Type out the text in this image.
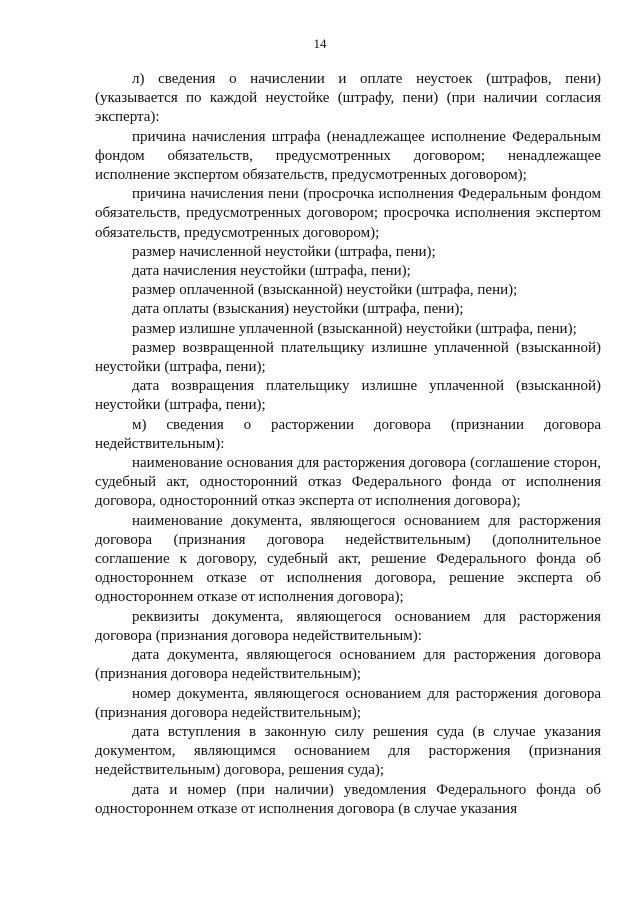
14

л) сведения о начислении и оплате неустоек (штрафов, пени) (указывается по каждой неустойке (штрафу, пени) (при наличии согласия эксперта):

причина начисления штрафа (ненадлежащее исполнение Федеральным фондом обязательств, предусмотренных договором; ненадлежащее исполнение экспертом обязательств, предусмотренных договором);

причина начисления пени (просрочка исполнения Федеральным фондом обязательств, предусмотренных договором; просрочка исполнения экспертом обязательств, предусмотренных договором);

размер начисленной неустойки (штрафа, пени);

дата начисления неустойки (штрафа, пени);

размер оплаченной (взысканной) неустойки (штрафа, пени);

дата оплаты (взыскания) неустойки (штрафа, пени);

размер излишне уплаченной (взысканной) неустойки (штрафа, пени);

размер возвращенной плательщику излишне уплаченной (взысканной) неустойки (штрафа, пени);

дата возвращения плательщику излишне уплаченной (взысканной) неустойки (штрафа, пени);

м) сведения о расторжении договора (признании договора недействительным):

наименование основания для расторжения договора (соглашение сторон, судебный акт, односторонний отказ Федерального фонда от исполнения договора, односторонний отказ эксперта от исполнения договора);

наименование документа, являющегося основанием для расторжения договора (признания договора недействительным) (дополнительное соглашение к договору, судебный акт, решение Федерального фонда об одностороннем отказе от исполнения договора, решение эксперта об одностороннем отказе от исполнения договора);

реквизиты документа, являющегося основанием для расторжения договора (признания договора недействительным):

дата документа, являющегося основанием для расторжения договора (признания договора недействительным);

номер документа, являющегося основанием для расторжения договора (признания договора недействительным);

дата вступления в законную силу решения суда (в случае указания документом, являющимся основанием для расторжения (признания недействительным) договора, решения суда);

дата и номер (при наличии) уведомления Федерального фонда об одностороннем отказе от исполнения договора (в случае указания
